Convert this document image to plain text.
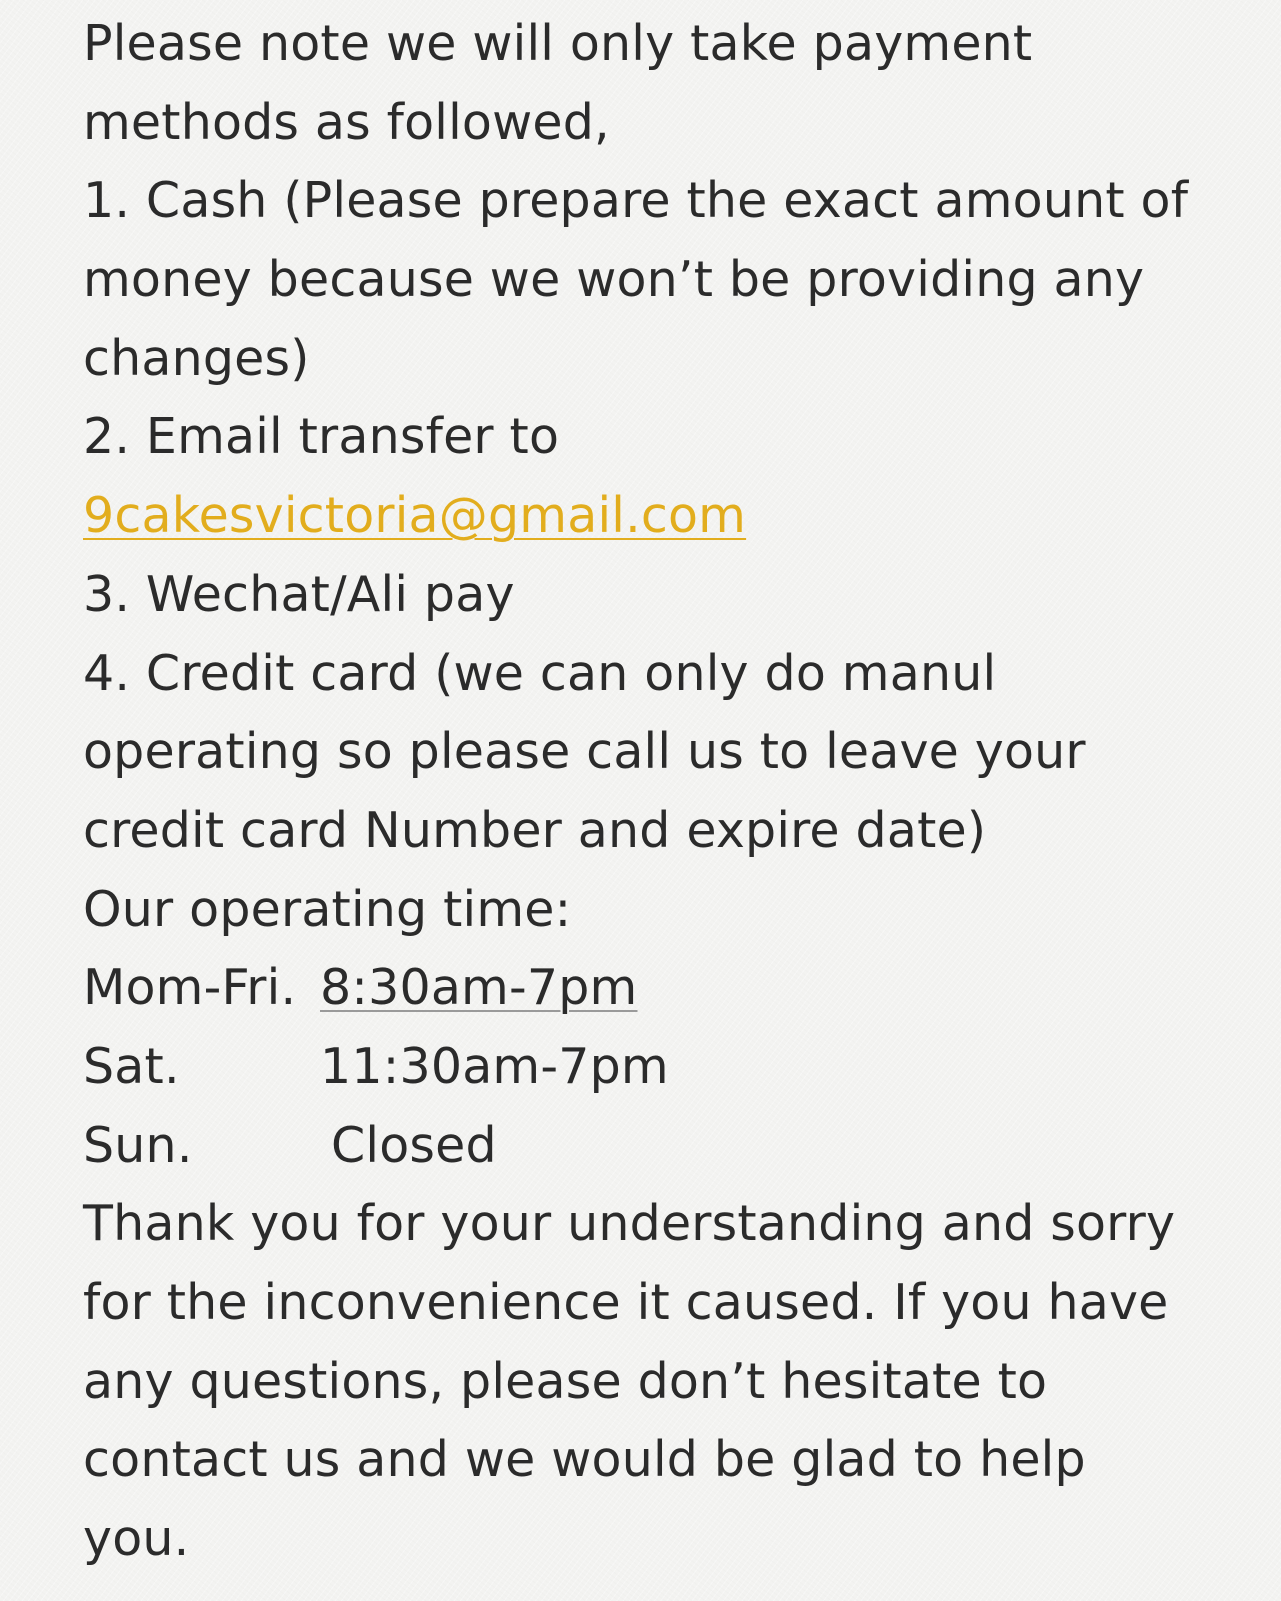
Please note we will only take payment
methods as followed,
1. Cash (Please prepare the exact amount of
money because we won’t be providing any
changes)
2. Email transfer to
9cakesvictoria@gmail.com
3. Wechat/Ali pay
4. Credit card (we can only do manul
operating so please call us to leave your
credit card Number and expire date)
Our operating time:
Mom-Fri. 8:30am-7pm
Sat.	11:30am-7pm
Sun.	Closed
Thank you for your understanding and sorry
for the inconvenience it caused. If you have
any questions, please don’t hesitate to
contact us and we would be glad to help
you.
